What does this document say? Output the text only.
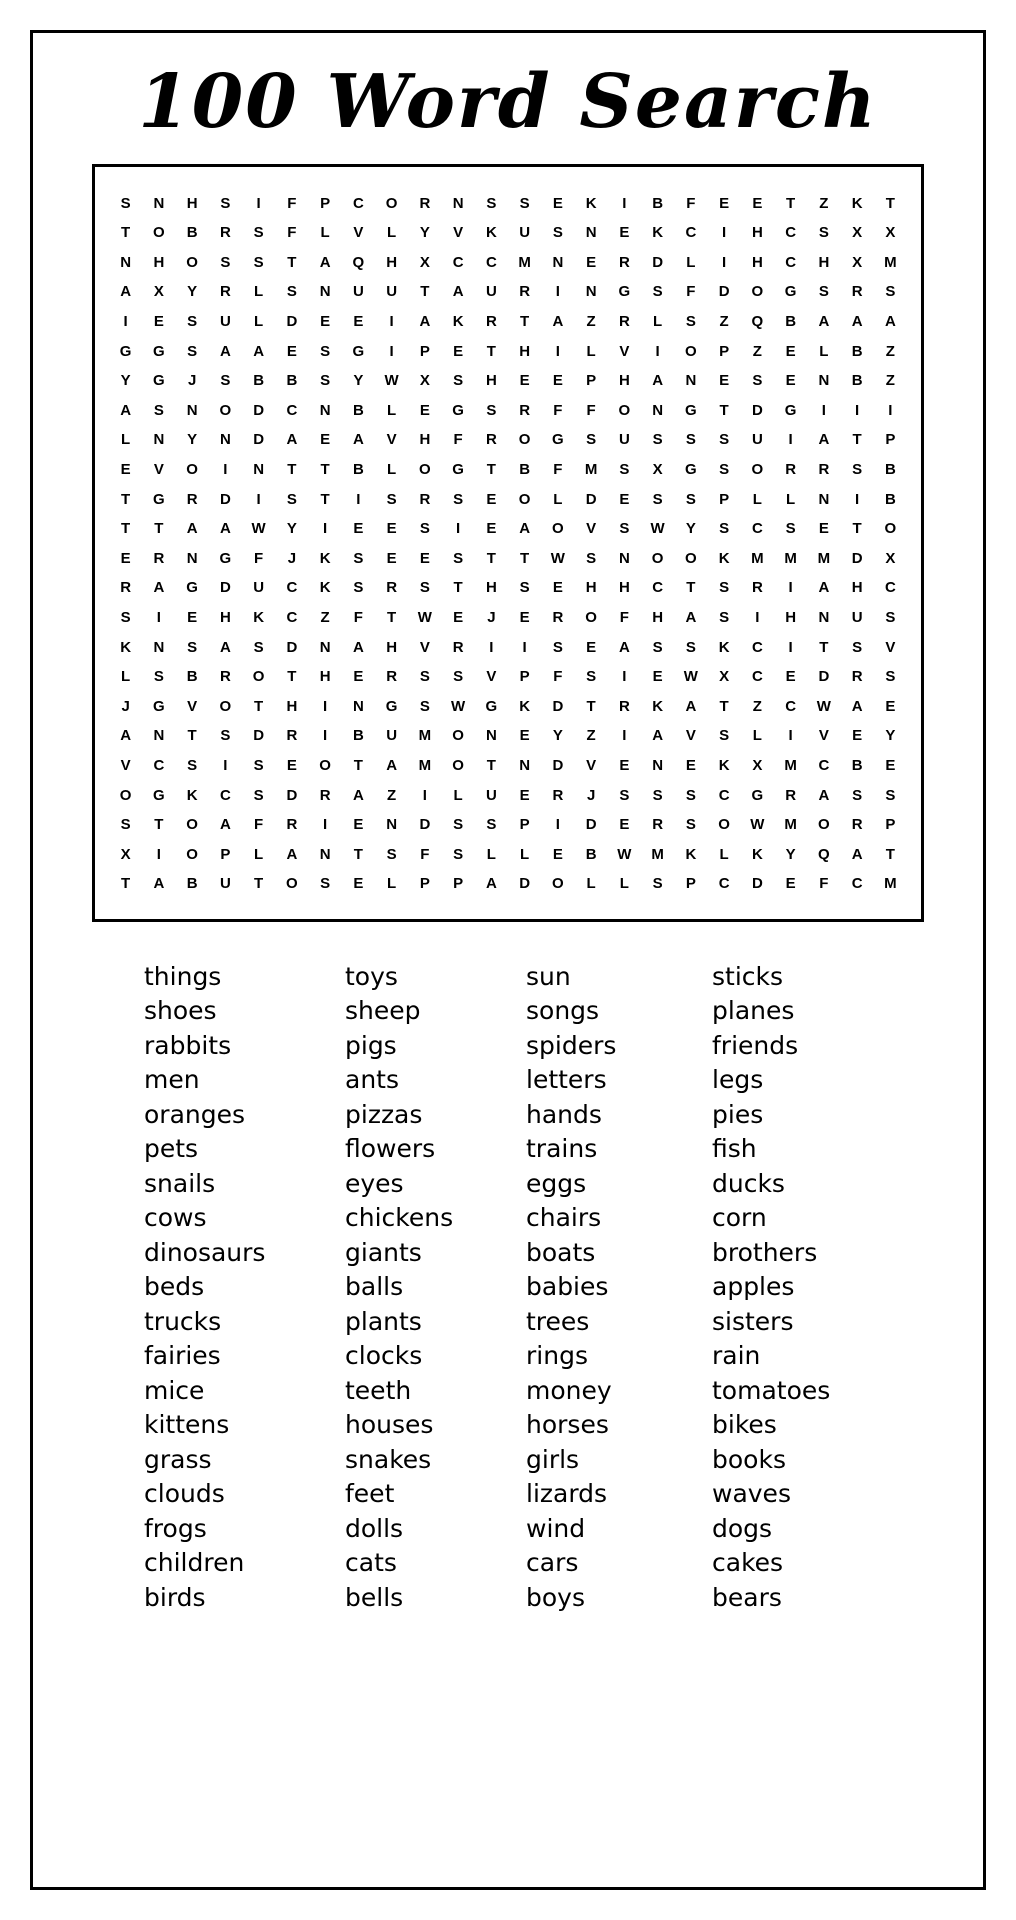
100 Word Search
S	N	H	S	I	F	P	C	O	R	N	S	S	E	K	I	B	F	E	E	T	Z	K	T
T	O	B	R	S	F	L	V	L	Y	V	K	U	S	N	E	K	C	I	H	C	S	X	X
N	H	O	S	S	T	A	Q	H	X	C	C	M	N	E	R	D	L	I	H	C	H	X	M
A	X	Y	R	L	S	N	U	U	T	A	U	R	I	N	G	S	F	D	O	G	S	R	S
I	E	S	U	L	D	E	E	I	A	K	R	T	A	Z	R	L	S	Z	Q	B	A	A	A
G	G	S	A	A	E	S	G	I	P	E	T	H	I	L	V	I	O	P	Z	E	L	B	Z
Y	G	J	S	B	B	S	Y	W	X	S	H	E	E	P	H	A	N	E	S	E	N	B	Z
A	S	N	O	D	C	N	B	L	E	G	S	R	F	F	O	N	G	T	D	G	I	I	I
L	N	Y	N	D	A	E	A	V	H	F	R	O	G	S	U	S	S	S	U	I	A	T	P
E	V	O	I	N	T	T	B	L	O	G	T	B	F	M	S	X	G	S	O	R	R	S	B
T	G	R	D	I	S	T	I	S	R	S	E	O	L	D	E	S	S	P	L	L	N	I	B
T	T	A	A	W	Y	I	E	E	S	I	E	A	O	V	S	W	Y	S	C	S	E	T	O
E	R	N	G	F	J	K	S	E	E	S	T	T	W	S	N	O	O	K	M	M	M	D	X
R	A	G	D	U	C	K	S	R	S	T	H	S	E	H	H	C	T	S	R	I	A	H	C
S	I	E	H	K	C	Z	F	T	W	E	J	E	R	O	F	H	A	S	I	H	N	U	S
K	N	S	A	S	D	N	A	H	V	R	I	I	S	E	A	S	S	K	C	I	T	S	V
L	S	B	R	O	T	H	E	R	S	S	V	P	F	S	I	E	W	X	C	E	D	R	S
J	G	V	O	T	H	I	N	G	S	W	G	K	D	T	R	K	A	T	Z	C	W	A	E
A	N	T	S	D	R	I	B	U	M	O	N	E	Y	Z	I	A	V	S	L	I	V	E	Y
V	C	S	I	S	E	O	T	A	M	O	T	N	D	V	E	N	E	K	X	M	C	B	E
O	G	K	C	S	D	R	A	Z	I	L	U	E	R	J	S	S	S	C	G	R	A	S	S
S	T	O	A	F	R	I	E	N	D	S	S	P	I	D	E	R	S	O	W	M	O	R	P
X	I	O	P	L	A	N	T	S	F	S	L	L	E	B	W	M	K	L	K	Y	Q	A	T
T	A	B	U	T	O	S	E	L	P	P	A	D	O	L	L	S	P	C	D	E	F	C	M
things
shoes
rabbits
men
oranges
pets
snails
cows
dinosaurs
beds
trucks
fairies
mice
kittens
grass
clouds
frogs
children
birds
toys
sheep
pigs
ants
pizzas
flowers
eyes
chickens
giants
balls
plants
clocks
teeth
houses
snakes
feet
dolls
cats
bells
sun
songs
spiders
letters
hands
trains
eggs
chairs
boats
babies
trees
rings
money
horses
girls
lizards
wind
cars
boys
sticks
planes
friends
legs
pies
fish
ducks
corn
brothers
apples
sisters
rain
tomatoes
bikes
books
waves
dogs
cakes
bears
